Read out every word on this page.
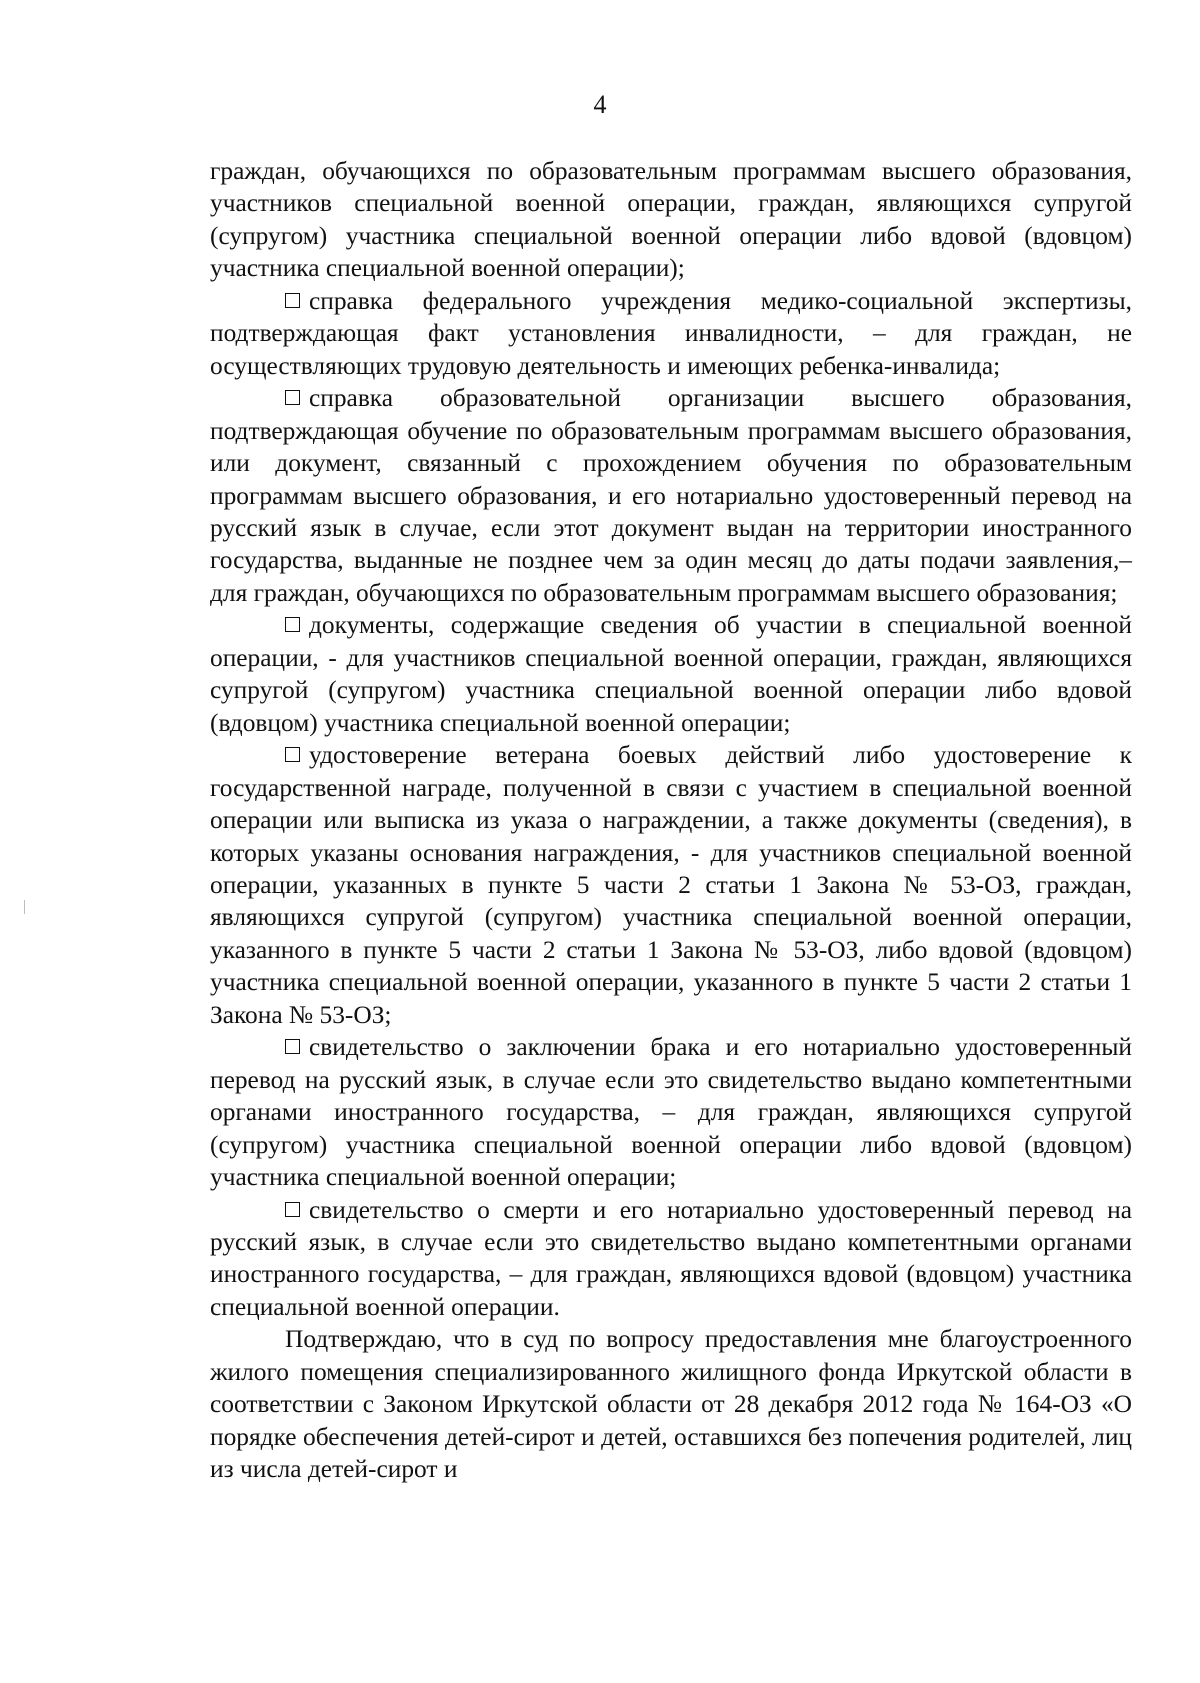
4

граждан, обучающихся по образовательным программам высшего образования, участников специальной военной операции, граждан, являющихся супругой (супругом) участника специальной военной операции либо вдовой (вдовцом) участника специальной военной операции);

справка федерального учреждения медико-социальной экспертизы, подтверждающая факт установления инвалидности, – для граждан, не осуществляющих трудовую деятельность и имеющих ребенка-инвалида;

справка образовательной организации высшего образования, подтверждающая обучение по образовательным программам высшего образования, или документ, связанный с прохождением обучения по образовательным программам высшего образования, и его нотариально удостоверенный перевод на русский язык в случае, если этот документ выдан на территории иностранного государства, выданные не позднее чем за один месяц до даты подачи заявления,– для граждан, обучающихся по образовательным программам высшего образования;

документы, содержащие сведения об участии в специальной военной операции, - для участников специальной военной операции, граждан, являющихся супругой (супругом) участника специальной военной операции либо вдовой (вдовцом) участника специальной военной операции;

удостоверение ветерана боевых действий либо удостоверение к государственной награде, полученной в связи с участием в специальной военной операции или выписка из указа о награждении, а также документы (сведения), в которых указаны основания награждения, - для участников специальной военной операции, указанных в пункте 5 части 2 статьи 1 Закона № 53-ОЗ, граждан, являющихся супругой (супругом) участника специальной военной операции, указанного в пункте 5 части 2 статьи 1 Закона № 53-ОЗ, либо вдовой (вдовцом) участника специальной военной операции, указанного в пункте 5 части 2 статьи 1 Закона № 53-ОЗ;

свидетельство о заключении брака и его нотариально удостоверенный перевод на русский язык, в случае если это свидетельство выдано компетентными органами иностранного государства, – для граждан, являющихся супругой (супругом) участника специальной военной операции либо вдовой (вдовцом) участника специальной военной операции;

свидетельство о смерти и его нотариально удостоверенный перевод на русский язык, в случае если это свидетельство выдано компетентными органами иностранного государства, – для граждан, являющихся вдовой (вдовцом) участника специальной военной операции.

Подтверждаю, что в суд по вопросу предоставления мне благоустроенного жилого помещения специализированного жилищного фонда Иркутской области в соответствии с Законом Иркутской области от 28 декабря 2012 года № 164-ОЗ «О порядке обеспечения детей-сирот и детей, оставшихся без попечения родителей, лиц из числа детей-сирот и
